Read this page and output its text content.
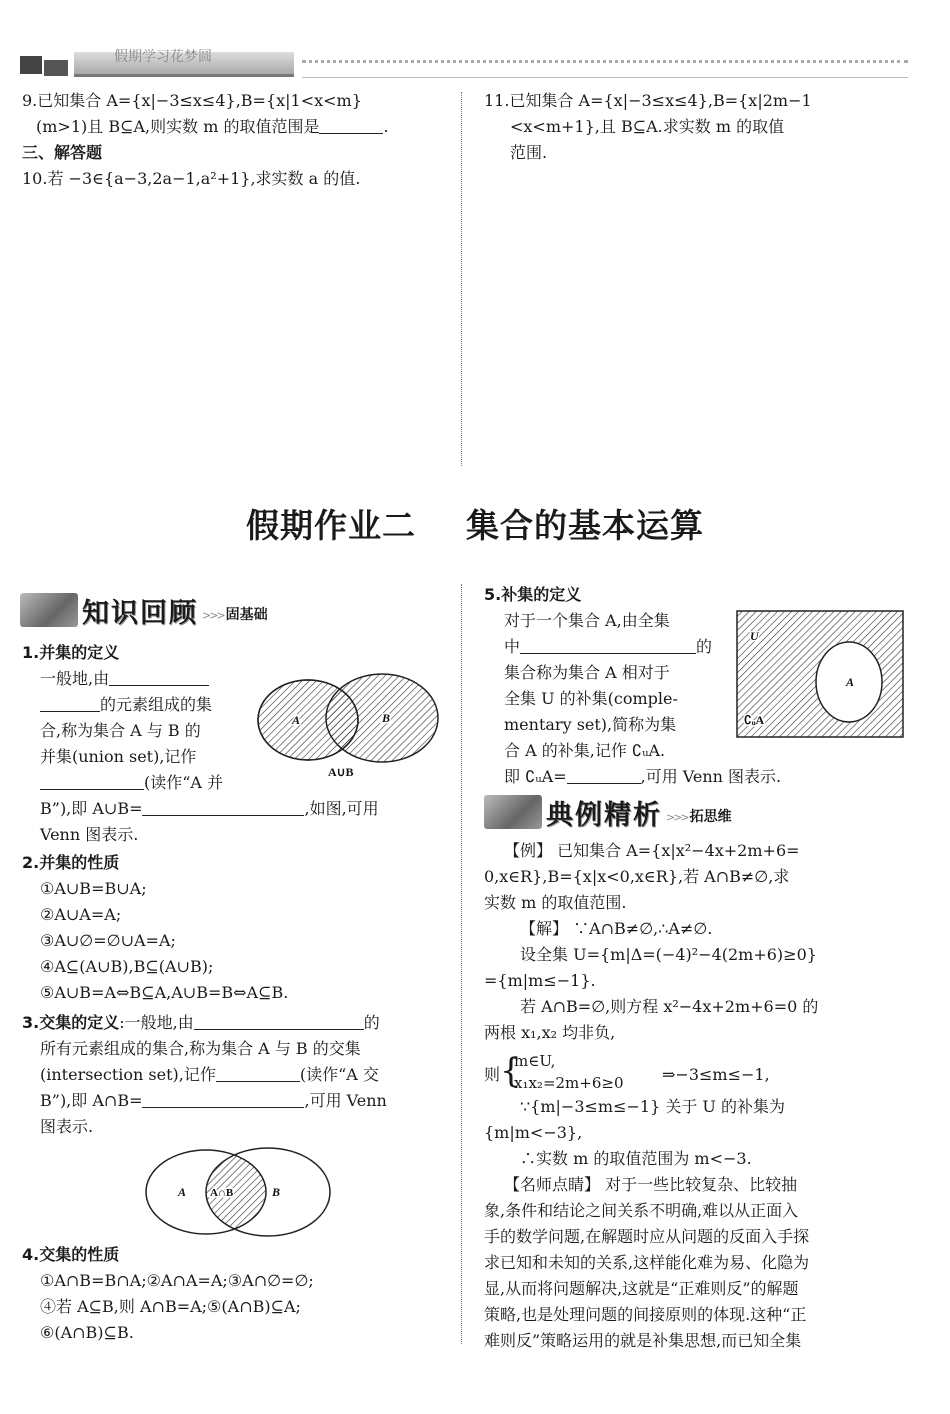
假期学习花梦圆
9.已知集合 A={x|−3≤x≤4},B={x|1<x<m}
(m>1)且 B⊆A,则实数 m 的取值范围是	.
三、解答题
10.若 −3∈{a−3,2a−1,a²+1},求实数 a 的值.
11.已知集合 A={x|−3≤x≤4},B={x|2m−1
<x<m+1},且 B⊆A.求实数 m 的取值
范围.
假期作业二    集合的基本运算
知识回顾 >>> 固基础
1.并集的定义
一般地,由
的元素组成的集
合,称为集合 A 与 B 的
并集(union set),记作
(读作“A 并
B”),即 A∪B=	,如图,可用
Venn 图表示.
A	B
A∪B
2.并集的性质
①A∪B=B∪A;
②A∪A=A;
③A∪∅=∅∪A=A;
④A⊆(A∪B),B⊆(A∪B);
⑤A∪B=A⇔B⊆A,A∪B=B⇔A⊆B.
3.交集的定义:一般地,由	的
所有元素组成的集合,称为集合 A 与 B 的交集
(intersection set),记作	(读作“A 交
B”),即 A∩B=	,可用 Venn
图表示.
A A∩B	B
4.交集的性质
①A∩B=B∩A;②A∩A=A;③A∩∅=∅;
④若 A⊆B,则 A∩B=A;⑤(A∩B)⊆A;
⑥(A∩B)⊆B.
5.补集的定义
对于一个集合 A,由全集
中	的
集合称为集合 A 相对于
全集 U 的补集(comple-
mentary set),简称为集
合 A 的补集,记作 ∁ᵤA.
即 ∁ᵤA=	,可用 Venn 图表示.
U
A
∁ᵤA
典例精析 >>> 拓思维
【例】 已知集合 A={x|x²−4x+2m+6=
0,x∈R},B={x|x<0,x∈R},若 A∩B≠∅,求
实数 m 的取值范围.
【解】 ∵A∩B≠∅,∴A≠∅.
设全集 U={m|Δ=(−4)²−4(2m+6)≥0}
={m|m≤−1}.
若 A∩B=∅,则方程 x²−4x+2m+6=0 的
两根 x₁,x₂ 均非负,
∵{m|−3≤m≤−1} 关于 U 的补集为
{m|m<−3},
∴实数 m 的取值范围为 m<−3.
则 {
m∈U,
x₁x₂=2m+6≥0 ⇒−3≤m≤−1,
【名师点睛】 对于一些比较复杂、比较抽
象,条件和结论之间关系不明确,难以从正面入
手的数学问题,在解题时应从问题的反面入手探
求已知和未知的关系,这样能化难为易、化隐为
显,从而将问题解决,这就是“正难则反”的解题
策略,也是处理问题的间接原则的体现.这种“正
难则反”策略运用的就是补集思想,而已知全集
